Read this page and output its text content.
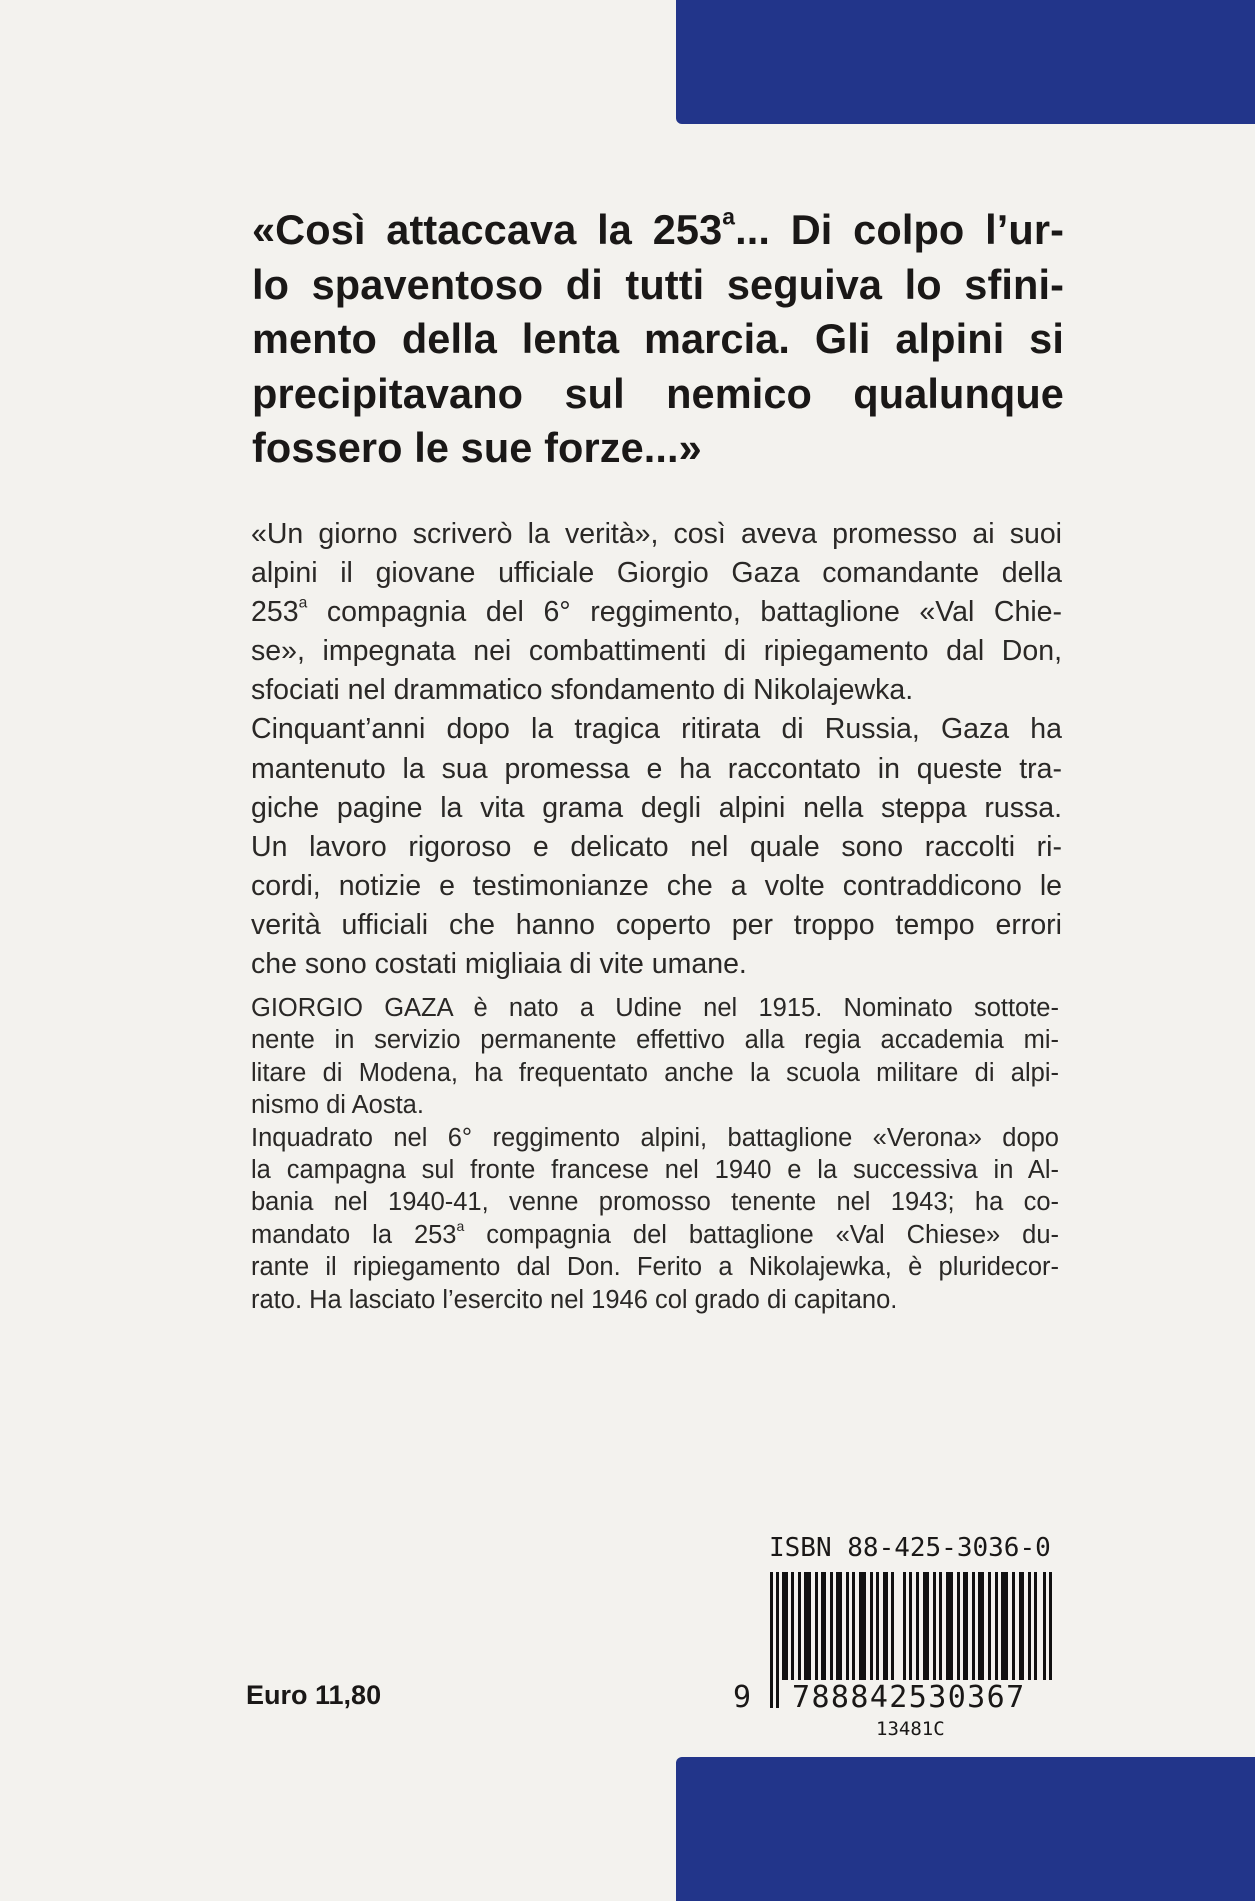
«Così attaccava la 253$^a$... Di colpo l’ur-
lo spaventoso di tutti seguiva lo sfini-
mento della lenta marcia. Gli alpini si
precipitavano sul nemico qualunque
fossero le sue forze...»
«Un giorno scriverò la verità», così aveva promesso ai suoi
alpini il giovane ufficiale Giorgio Gaza comandante della
253$^a$ compagnia del 6° reggimento, battaglione «Val Chie-
se», impegnata nei combattimenti di ripiegamento dal Don,
sfociati nel drammatico sfondamento di Nikolajewka.
Cinquant’anni dopo la tragica ritirata di Russia, Gaza ha
mantenuto la sua promessa e ha raccontato in queste tra-
giche pagine la vita grama degli alpini nella steppa russa.
Un lavoro rigoroso e delicato nel quale sono raccolti ri-
cordi, notizie e testimonianze che a volte contraddicono le
verità ufficiali che hanno coperto per troppo tempo errori
che sono costati migliaia di vite umane.
GIORGIO GAZA è nato a Udine nel 1915. Nominato sottote-
nente in servizio permanente effettivo alla regia accademia mi-
litare di Modena, ha frequentato anche la scuola militare di alpi-
nismo di Aosta.
Inquadrato nel 6° reggimento alpini, battaglione «Verona» dopo
la campagna sul fronte francese nel 1940 e la successiva in Al-
bania nel 1940-41, venne promosso tenente nel 1943; ha co-
mandato la 253$^a$ compagnia del battaglione «Val Chiese» du-
rante il ripiegamento dal Don. Ferito a Nikolajewka, è pluridecor-
rato. Ha lasciato l’esercito nel 1946 col grado di capitano.
Euro 11,80
ISBN 88-425-3036-0
9 788842530367
13481C
